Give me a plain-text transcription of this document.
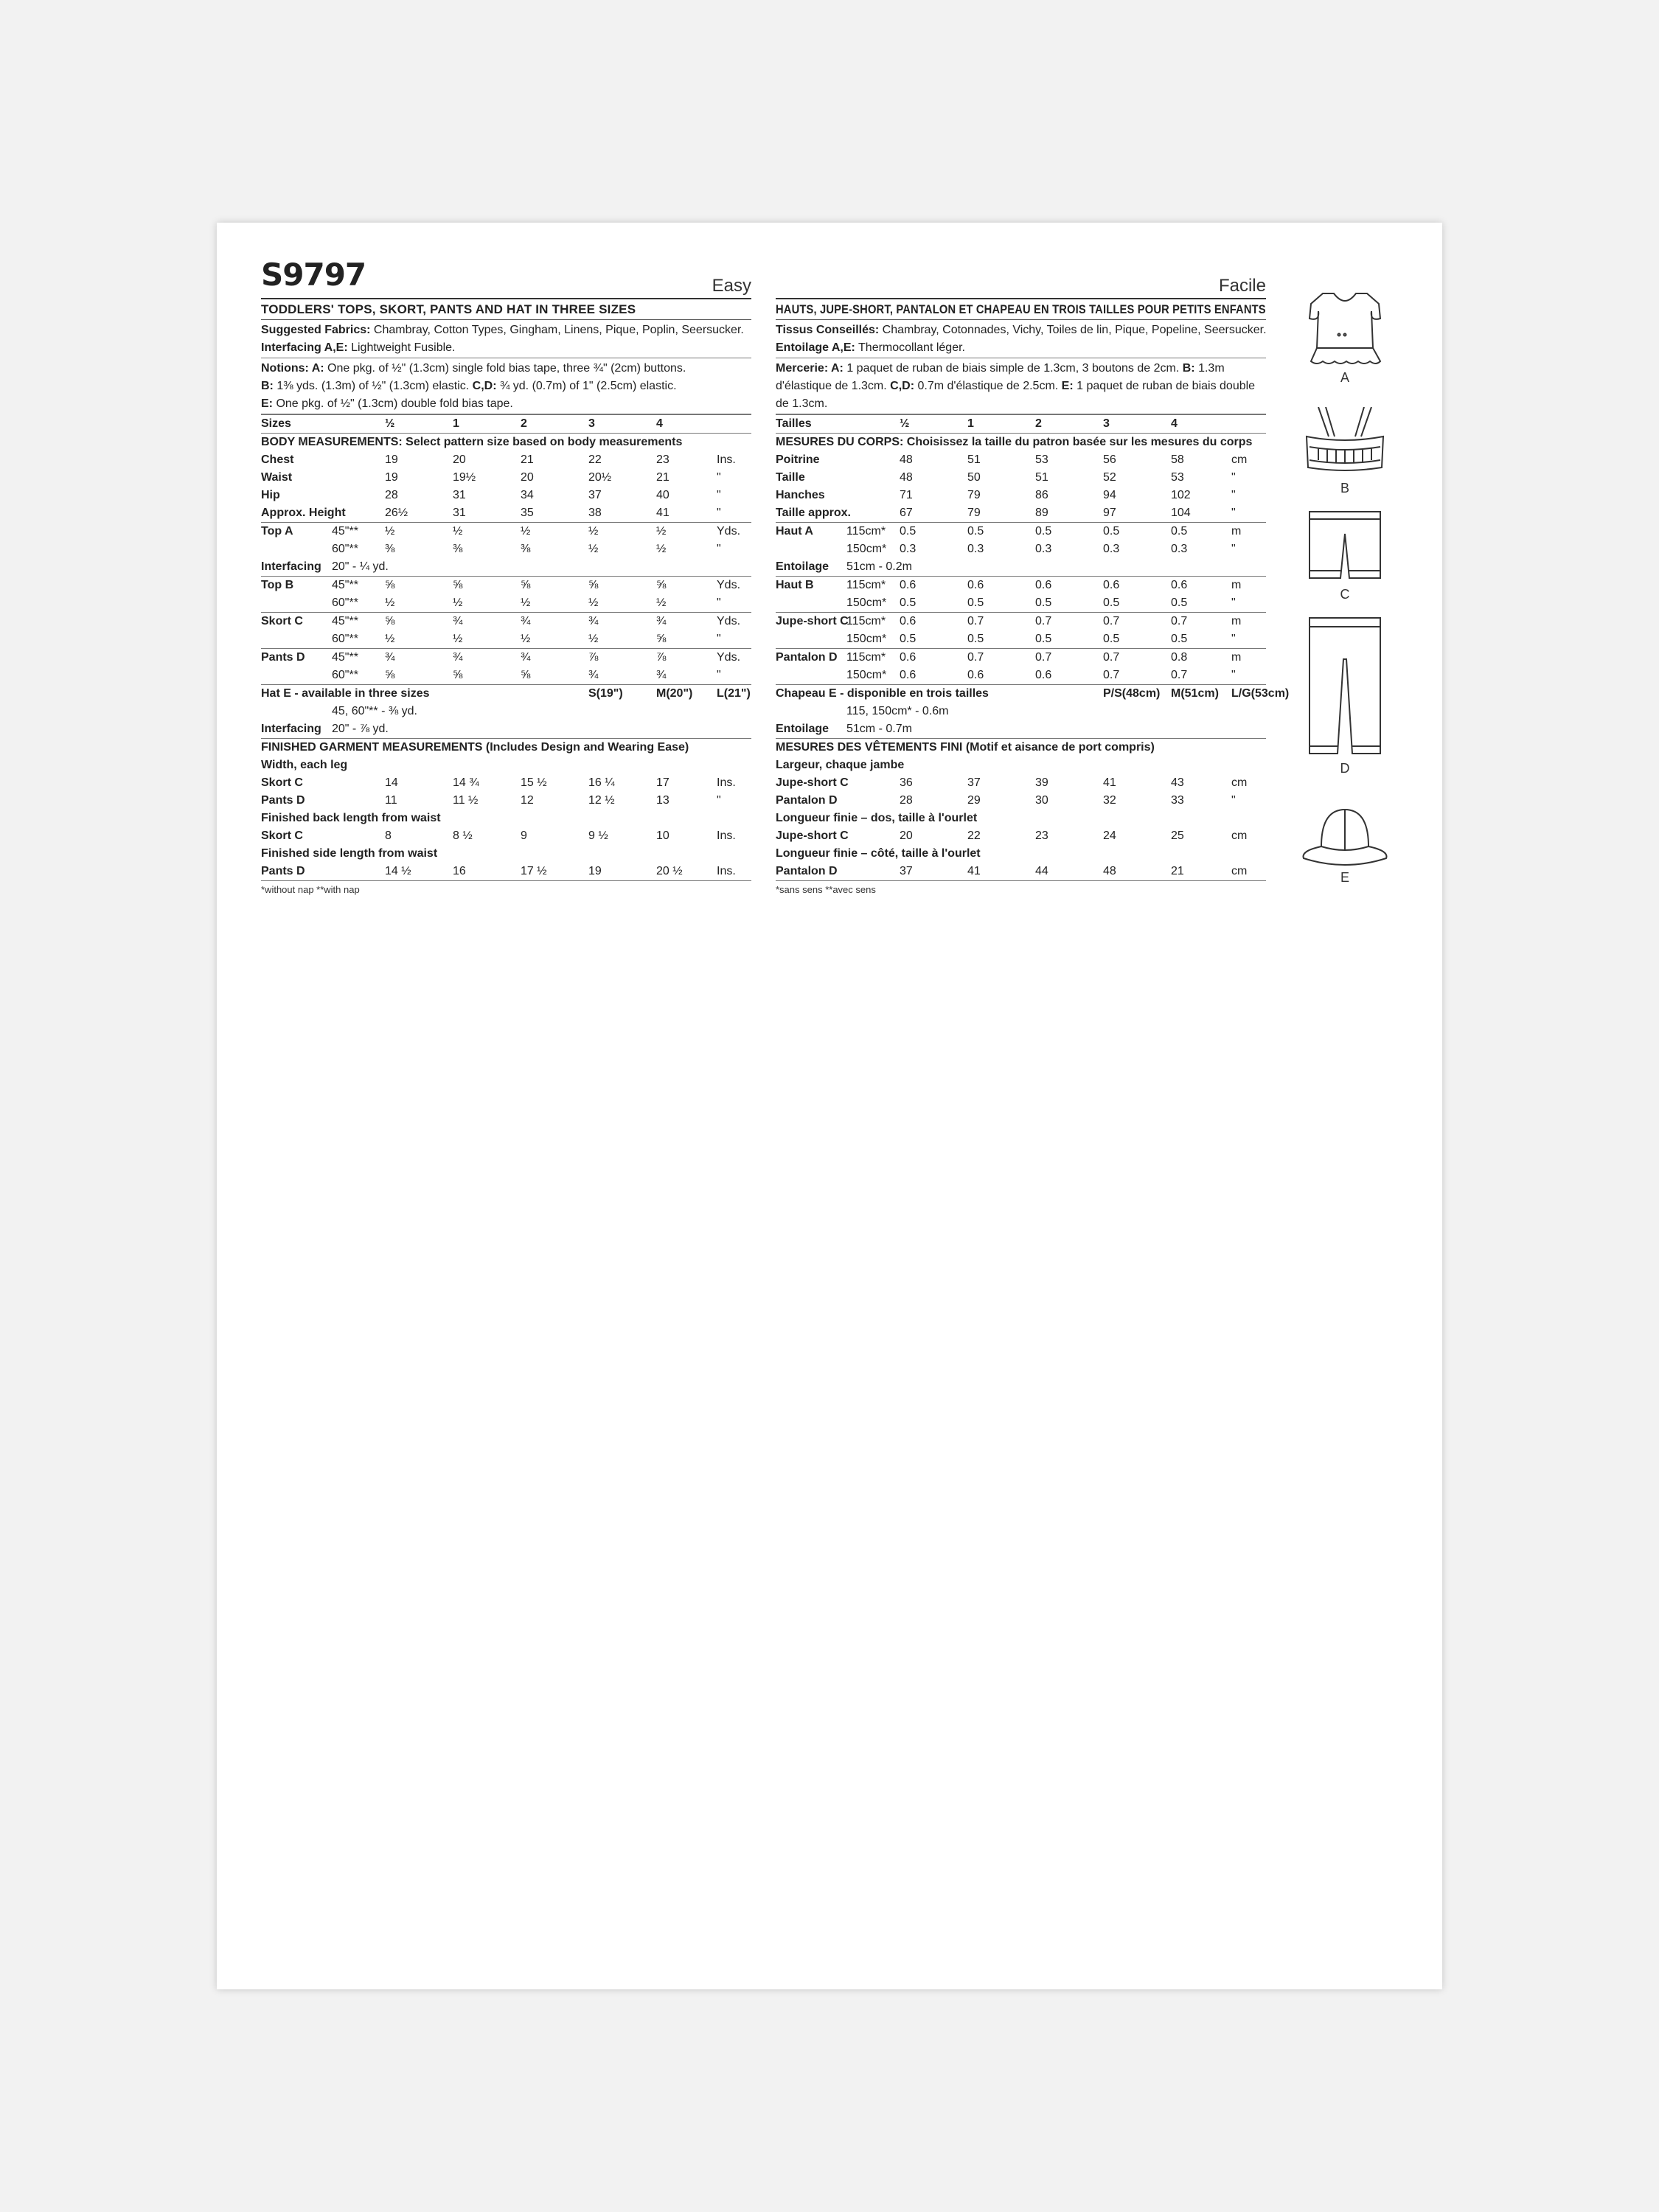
S9797	Easy
TODDLERS' TOPS, SKORT, PANTS AND HAT IN THREE SIZES
Suggested Fabrics: Chambray, Cotton Types, Gingham, Linens, Pique, Poplin, Seersucker.
Interfacing A,E: Lightweight Fusible.
Notions: A: One pkg. of ½" (1.3cm) single fold bias tape, three ¾" (2cm) buttons.
B: 1⅜ yds. (1.3m) of ½" (1.3cm) elastic. C,D: ¾ yd. (0.7m) of 1" (2.5cm) elastic.
E: One pkg. of ½" (1.3cm) double fold bias tape.
Sizes		½	1	2	3	4	
BODY MEASUREMENTS: Select pattern size based on body measurements							
Chest		19	20	21	22	23	Ins.
Waist		19	19½	20	20½	21	"
Hip		28	31	34	37	40	"
Approx. Height		26½	31	35	38	41	"
Top A	45"**	½	½	½	½	½	Yds.
	60"**	⅜	⅜	⅜	½	½	"
Interfacing	20" - ¼ yd.						
Top B	45"**	⅝	⅝	⅝	⅝	⅝	Yds.
	60"**	½	½	½	½	½	"
Skort C	45"**	⅝	¾	¾	¾	¾	Yds.
	60"**	½	½	½	½	⅝	"
Pants D	45"**	¾	¾	¾	⅞	⅞	Yds.
	60"**	⅝	⅝	⅝	¾	¾	"
Hat E - available in three sizes					S(19")	M(20")	L(21")
	45, 60"** - ⅜ yd.						
Interfacing	20" - ⅞ yd.						
FINISHED GARMENT MEASUREMENTS (Includes Design and Wearing Ease)							
Width, each leg							
Skort C		14	14 ¾	15 ½	16 ¼	17	Ins.
Pants D		11	11 ½	12	12 ½	13	"
Finished back length from waist							
Skort C		8	8 ½	9	9 ½	10	Ins.
Finished side length from waist							
Pants D		14 ½	16	17 ½	19	20 ½	Ins.
*without nap **with nap
Facile
HAUTS, JUPE-SHORT, PANTALON ET CHAPEAU EN TROIS TAILLES POUR PETITS ENFANTS
Tissus Conseillés: Chambray, Cotonnades, Vichy, Toiles de lin, Pique, Popeline, Seersucker.
Entoilage A,E: Thermocollant léger.
Mercerie: A: 1 paquet de ruban de biais simple de 1.3cm, 3 boutons de 2cm. B: 1.3m
d'élastique de 1.3cm. C,D: 0.7m d'élastique de 2.5cm. E: 1 paquet de ruban de biais double
de 1.3cm.
Tailles		½	1	2	3	4	
MESURES DU CORPS: Choisissez la taille du patron basée sur les mesures du corps							
Poitrine		48	51	53	56	58	cm
Taille		48	50	51	52	53	"
Hanches		71	79	86	94	102	"
Taille approx.		67	79	89	97	104	"
Haut A	115cm*	0.5	0.5	0.5	0.5	0.5	m
	150cm*	0.3	0.3	0.3	0.3	0.3	"
Entoilage	51cm - 0.2m						
Haut B	115cm*	0.6	0.6	0.6	0.6	0.6	m
	150cm*	0.5	0.5	0.5	0.5	0.5	"
Jupe-short C	115cm*	0.6	0.7	0.7	0.7	0.7	m
	150cm*	0.5	0.5	0.5	0.5	0.5	"
Pantalon D	115cm*	0.6	0.7	0.7	0.7	0.8	m
	150cm*	0.6	0.6	0.6	0.7	0.7	"
Chapeau E - disponible en trois tailles					P/S(48cm)	M(51cm)	L/G(53cm)
	115, 150cm* - 0.6m						
Entoilage	51cm - 0.7m						
MESURES DES VÊTEMENTS FINI (Motif et aisance de port compris)							
Largeur, chaque jambe							
Jupe-short C		36	37	39	41	43	cm
Pantalon D		28	29	30	32	33	"
Longueur finie – dos, taille à l'ourlet							
Jupe-short C		20	22	23	24	25	cm
Longueur finie – côté, taille à l'ourlet							
Pantalon D		37	41	44	48	21	cm
*sans sens **avec sens
A
B
C
D
E
